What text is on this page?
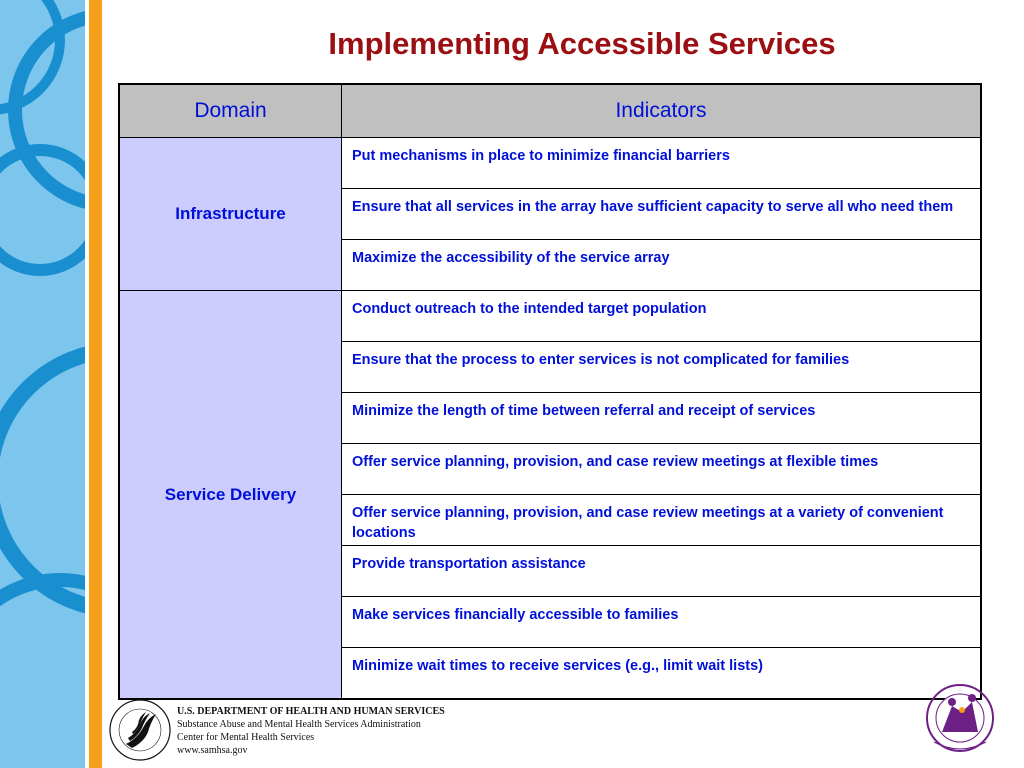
Implementing Accessible Services
Domain	Indicators
Infrastructure	Put mechanisms in place to minimize financial barriers
	Ensure that all services in the array have sufficient capacity to serve all who need them
	Maximize the accessibility of the service array
Service Delivery	Conduct outreach to the intended target population
	Ensure that the process to enter services is not complicated for families
	Minimize the length of time between referral and receipt of services
	Offer service planning, provision, and case review meetings at flexible times
	Offer service planning, provision, and case review meetings at a variety of convenient locations
	Provide transportation assistance
	Make services financially accessible to families
	Minimize wait times to receive services (e.g., limit wait lists)
U.S. DEPARTMENT OF HEALTH AND HUMAN SERVICES
Substance Abuse and Mental Health Services Administration
Center for Mental Health Services
www.samhsa.gov
